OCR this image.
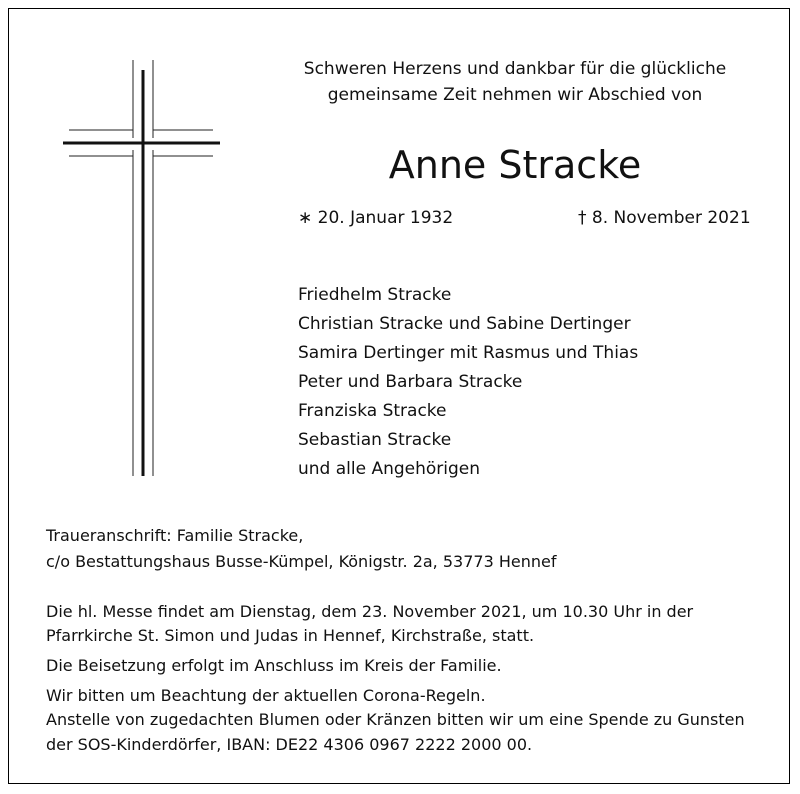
Schweren Herzens und dankbar für die glückliche

gemeinsame Zeit nehmen wir Abschied von

Anne Stracke

∗ 20. Januar 1932	† 8. November 2021

Friedhelm Stracke
Christian Stracke und Sabine Dertinger
Samira Dertinger mit Rasmus und Thias
Peter und Barbara Stracke
Franziska Stracke
Sebastian Stracke
und alle Angehörigen

Traueranschrift: Familie Stracke,

c/o Bestattungshaus Busse-Kümpel, Königstr. 2a, 53773 Hennef

Die hl. Messe findet am Dienstag, dem 23. November 2021, um 10.30 Uhr in der

Pfarrkirche St. Simon und Judas in Hennef, Kirchstraße, statt.

Die Beisetzung erfolgt im Anschluss im Kreis der Familie.

Wir bitten um Beachtung der aktuellen Corona-Regeln.

Anstelle von zugedachten Blumen oder Kränzen bitten wir um eine Spende zu Gunsten

der SOS-Kinderdörfer, IBAN: DE22 4306 0967 2222 2000 00.
